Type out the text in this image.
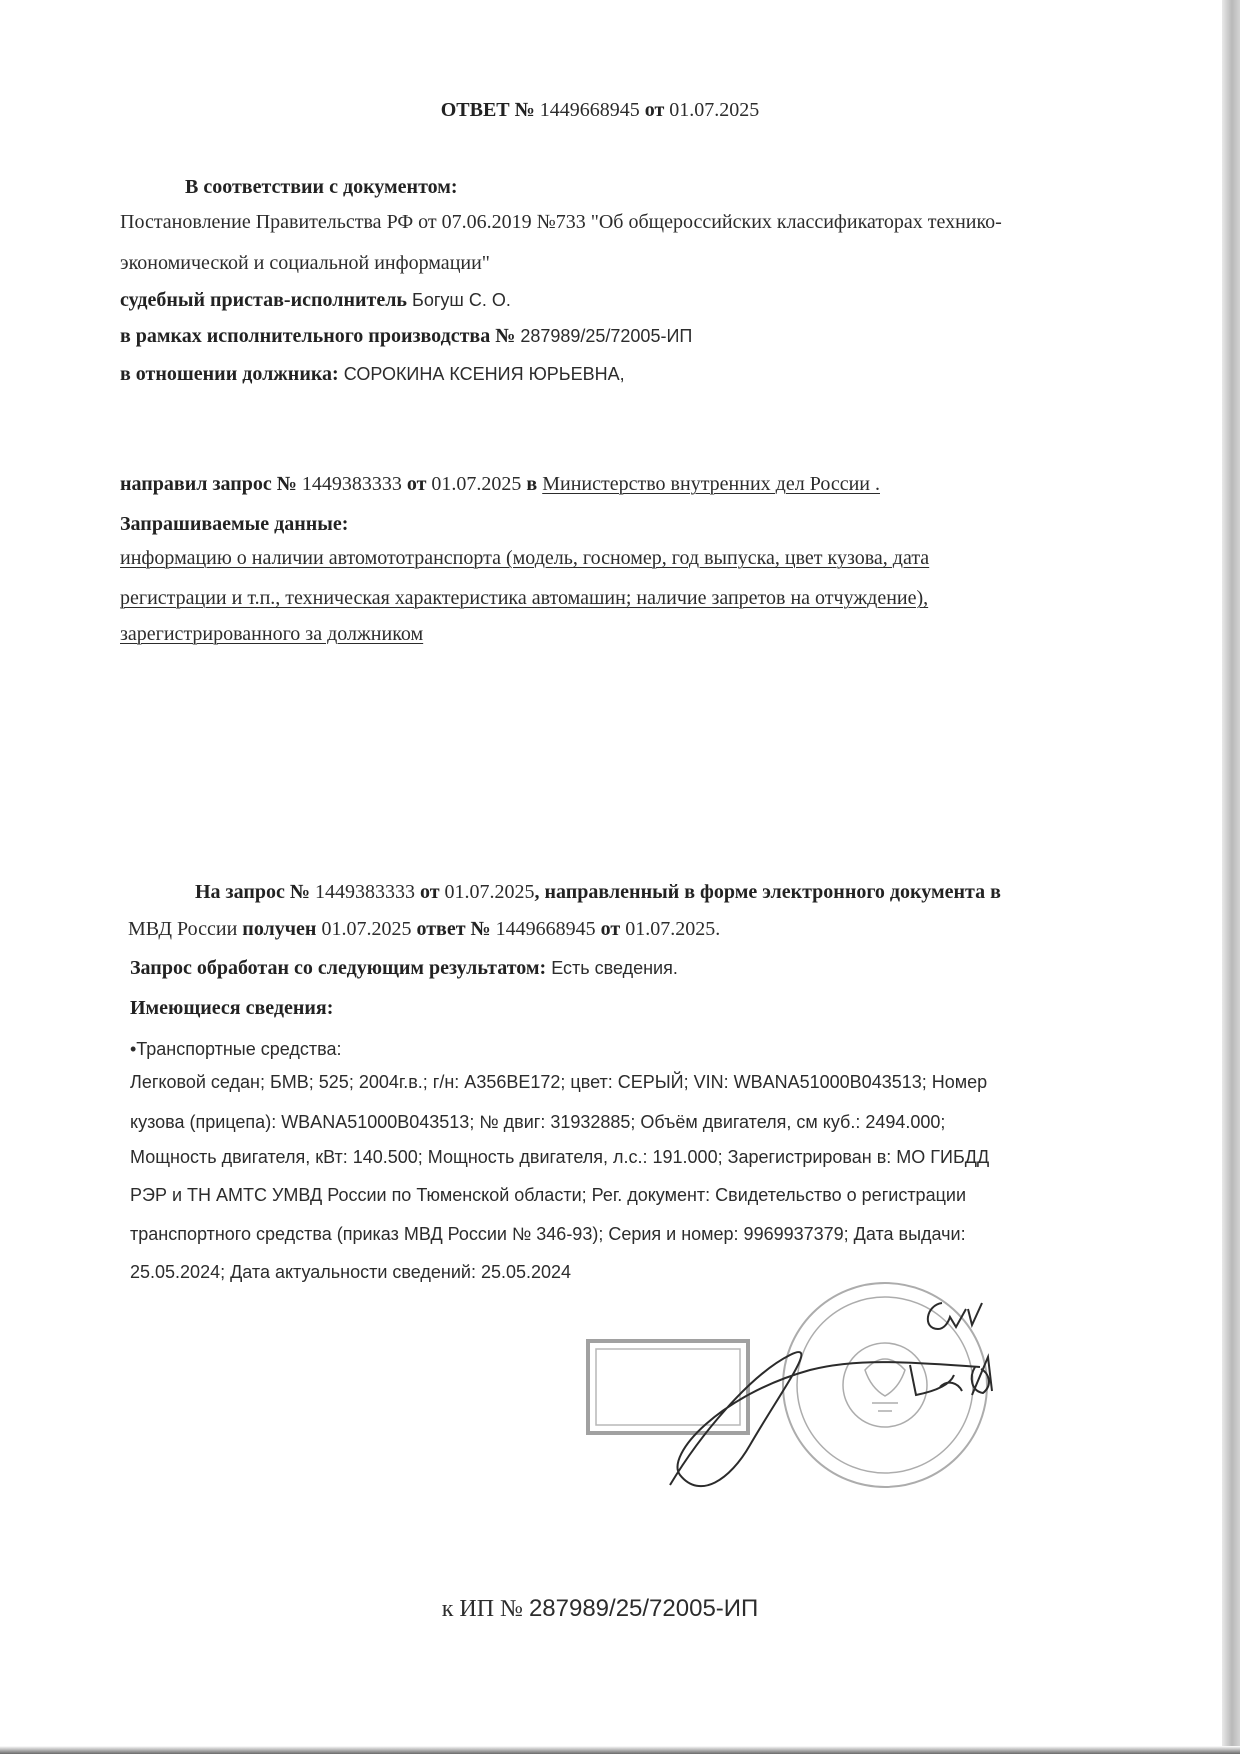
ОТВЕТ № 1449668945 от 01.07.2025
В соответствии с документом:
Постановление Правительства РФ от 07.06.2019 №733 "Об общероссийских классификаторах технико-
экономической и социальной информации"
судебный пристав-исполнитель Богуш С. О.
в рамках исполнительного производства № 287989/25/72005-ИП
в отношении должника: СОРОКИНА КСЕНИЯ ЮРЬЕВНА,
направил запрос № 1449383333 от 01.07.2025 в Министерство внутренних дел России .
Запрашиваемые данные:
информацию о наличии автомототранспорта (модель, госномер, год выпуска, цвет кузова, дата
регистрации и т.п., техническая характеристика автомашин; наличие запретов на отчуждение),
зарегистрированного за должником
На запрос № 1449383333 от 01.07.2025, направленный в форме электронного документа в
МВД России получен 01.07.2025 ответ № 1449668945 от 01.07.2025.
Запрос обработан со следующим результатом: Есть сведения.
Имеющиеся сведения:
•Транспортные средства:
Легковой седан; БМВ; 525; 2004г.в.; г/н: А356ВЕ172; цвет: СЕРЫЙ; VIN: WBANA51000B043513; Номер
кузова (прицепа): WBANA51000B043513; № двиг: 31932885; Объём двигателя, см куб.: 2494.000;
Мощность двигателя, кВт: 140.500; Мощность двигателя, л.с.: 191.000; Зарегистрирован в: МО ГИБДД
РЭР и ТН АМТС УМВД России по Тюменской области; Рег. документ: Свидетельство о регистрации
транспортного средства (приказ МВД России № 346-93); Серия и номер: 9969937379; Дата выдачи:
25.05.2024; Дата актуальности сведений: 25.05.2024
к ИП № 287989/25/72005-ИП
